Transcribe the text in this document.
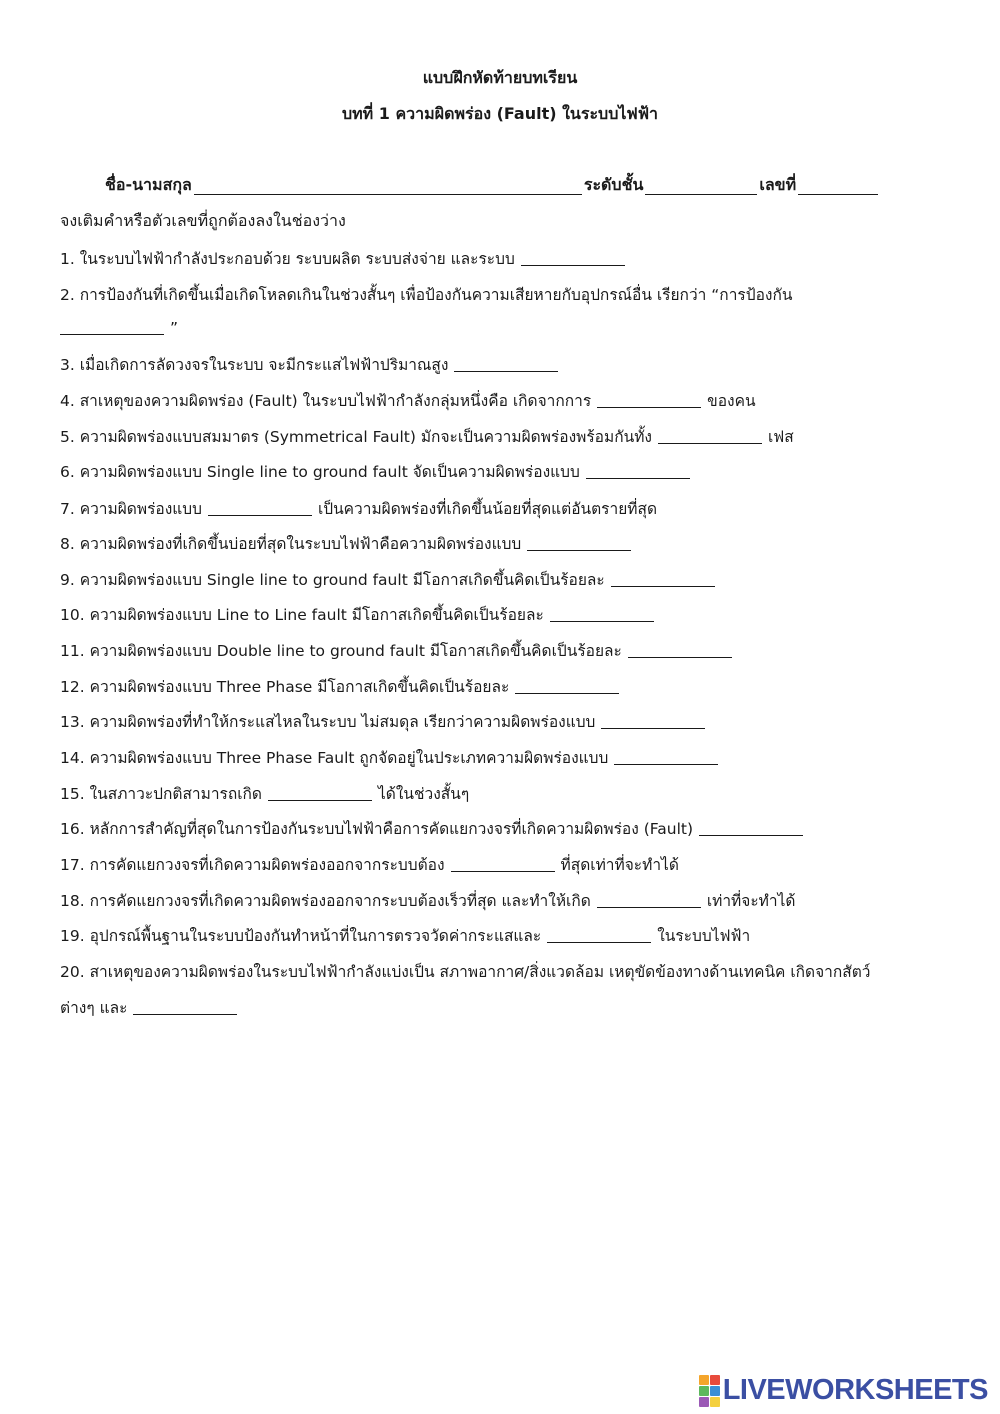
แบบฝึกหัดท้ายบทเรียน
บทที่ 1 ความผิดพร่อง (Fault) ในระบบไฟฟ้า
ชื่อ-นามสกุล	ระดับชั้น	เลขที่
จงเติมคำหรือตัวเลขที่ถูกต้องลงในช่องว่าง
1. ในระบบไฟฟ้ากำลังประกอบด้วย ระบบผลิต ระบบส่งจ่าย และระบบ
2. การป้องกันที่เกิดขึ้นเมื่อเกิดโหลดเกินในช่วงสั้นๆ เพื่อป้องกันความเสียหายกับอุปกรณ์อื่น เรียกว่า “การป้องกัน
”
3. เมื่อเกิดการลัดวงจรในระบบ จะมีกระแสไฟฟ้าปริมาณสูง
4. สาเหตุของความผิดพร่อง (Fault) ในระบบไฟฟ้ากำลังกลุ่มหนึ่งคือ เกิดจากการ	ของคน
5. ความผิดพร่องแบบสมมาตร (Symmetrical Fault) มักจะเป็นความผิดพร่องพร้อมกันทั้ง	เฟส
6. ความผิดพร่องแบบ Single line to ground fault จัดเป็นความผิดพร่องแบบ
7. ความผิดพร่องแบบ	เป็นความผิดพร่องที่เกิดขึ้นน้อยที่สุดแต่อันตรายที่สุด
8. ความผิดพร่องที่เกิดขึ้นบ่อยที่สุดในระบบไฟฟ้าคือความผิดพร่องแบบ
9. ความผิดพร่องแบบ Single line to ground fault มีโอกาสเกิดขึ้นคิดเป็นร้อยละ
10. ความผิดพร่องแบบ Line to Line fault มีโอกาสเกิดขึ้นคิดเป็นร้อยละ
11. ความผิดพร่องแบบ Double line to ground fault มีโอกาสเกิดขึ้นคิดเป็นร้อยละ
12. ความผิดพร่องแบบ Three Phase มีโอกาสเกิดขึ้นคิดเป็นร้อยละ
13. ความผิดพร่องที่ทำให้กระแสไหลในระบบ ไม่สมดุล เรียกว่าความผิดพร่องแบบ
14. ความผิดพร่องแบบ Three Phase Fault ถูกจัดอยู่ในประเภทความผิดพร่องแบบ
15. ในสภาวะปกติสามารถเกิด	ได้ในช่วงสั้นๆ
16. หลักการสำคัญที่สุดในการป้องกันระบบไฟฟ้าคือการคัดแยกวงจรที่เกิดความผิดพร่อง (Fault)
17. การคัดแยกวงจรที่เกิดความผิดพร่องออกจากระบบต้อง	ที่สุดเท่าที่จะทำได้
18. การคัดแยกวงจรที่เกิดความผิดพร่องออกจากระบบต้องเร็วที่สุด และทำให้เกิด	เท่าที่จะทำได้
19. อุปกรณ์พื้นฐานในระบบป้องกันทำหน้าที่ในการตรวจวัดค่ากระแสและ	ในระบบไฟฟ้า
20. สาเหตุของความผิดพร่องในระบบไฟฟ้ากำลังแบ่งเป็น สภาพอากาศ/สิ่งแวดล้อม เหตุขัดข้องทางด้านเทคนิค เกิดจากสัตว์
ต่างๆ และ
LIVEWORKSHEETS
